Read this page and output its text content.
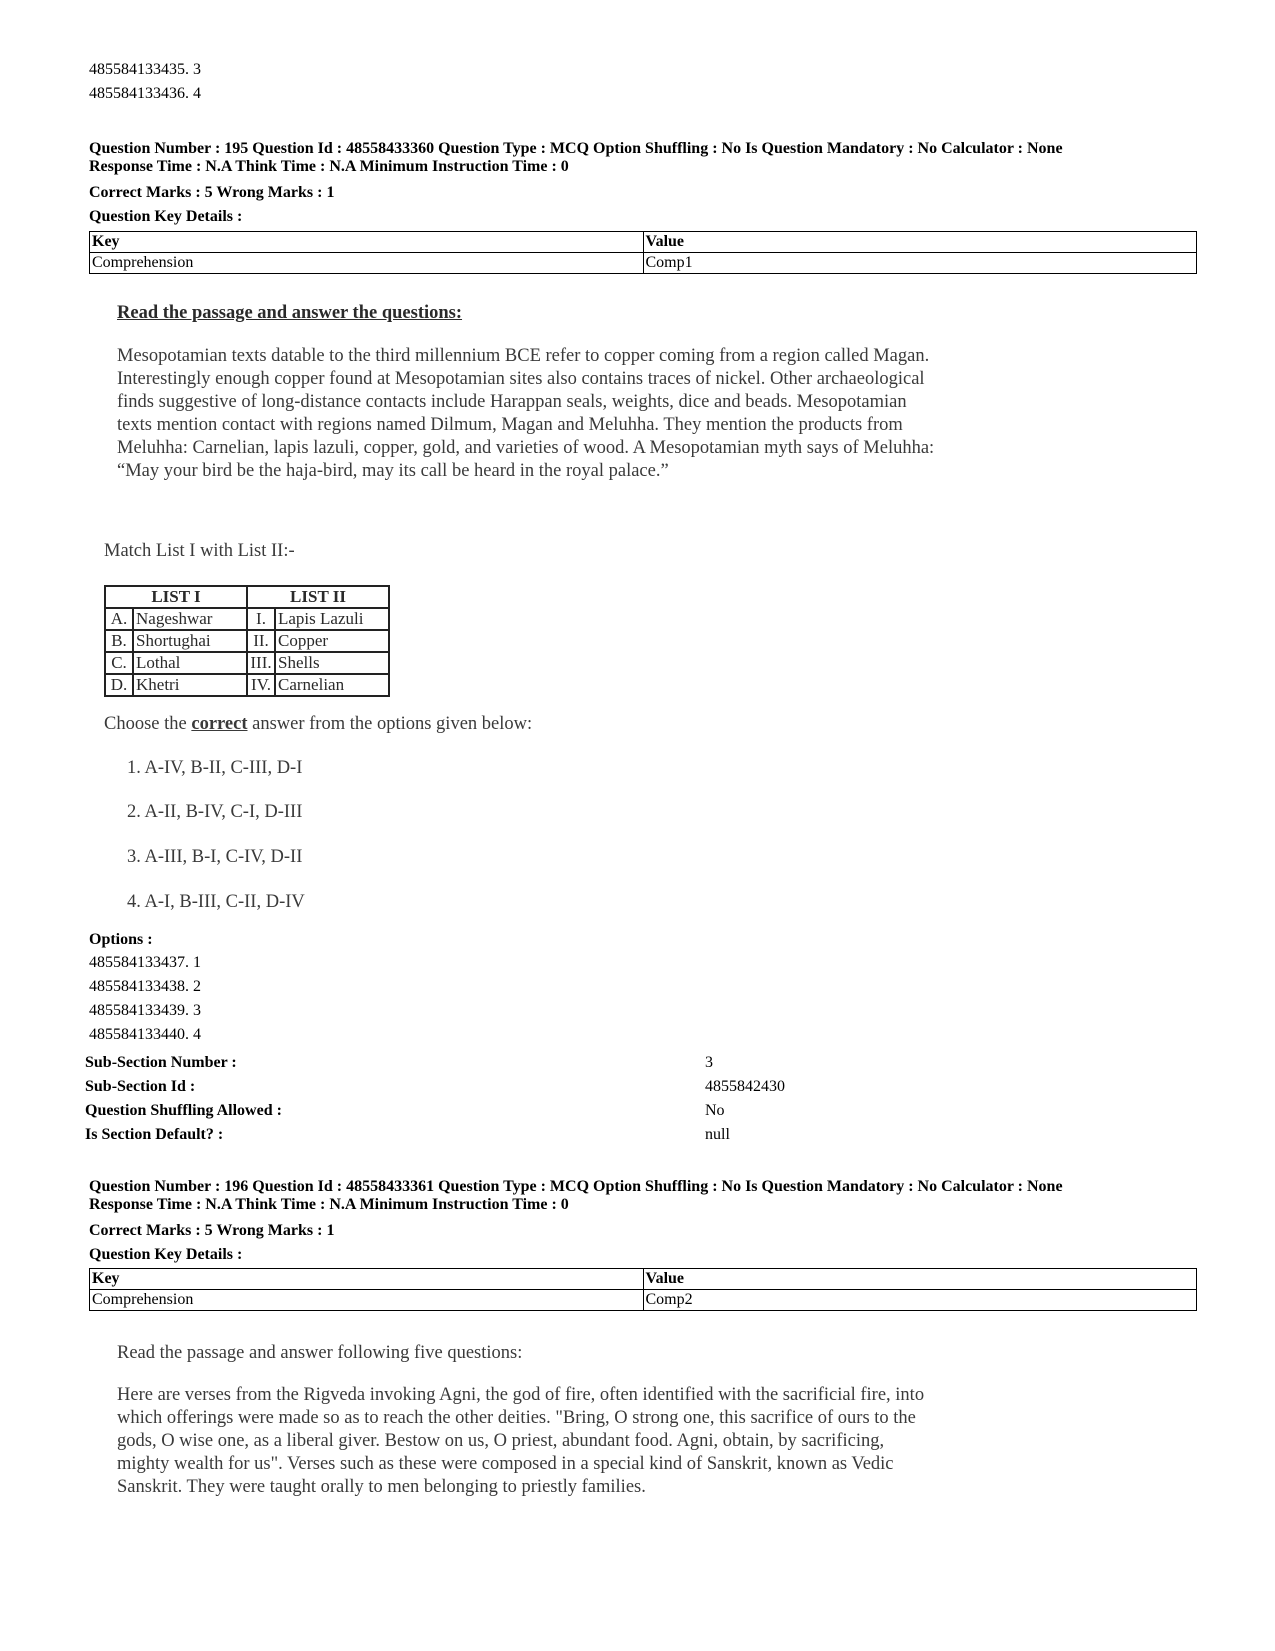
485584133435. 3
485584133436. 4
Question Number : 195 Question Id : 48558433360 Question Type : MCQ Option Shuffling : No Is Question Mandatory : No Calculator : None
Response Time : N.A Think Time : N.A Minimum Instruction Time : 0
Correct Marks : 5 Wrong Marks : 1
Question Key Details :
Key	Value
Comprehension	Comp1
Read the passage and answer the questions:
Mesopotamian texts datable to the third millennium BCE refer to copper coming from a region called Magan.
Interestingly enough copper found at Mesopotamian sites also contains traces of nickel. Other archaeological
finds suggestive of long-distance contacts include Harappan seals, weights, dice and beads. Mesopotamian
texts mention contact with regions named Dilmum, Magan and Meluhha. They mention the products from
Meluhha: Carnelian, lapis lazuli, copper, gold, and varieties of wood. A Mesopotamian myth says of Meluhha:
“May your bird be the haja-bird, may its call be heard in the royal palace.”
Match List I with List II:-
LIST I		LIST II	
A.	Nageshwar	I.	Lapis Lazuli
B.	Shortughai	II.	Copper
C.	Lothal	III.	Shells
D.	Khetri	IV.	Carnelian
Choose the correct answer from the options given below:
1. A-IV, B-II, C-III, D-I
2. A-II, B-IV, C-I, D-III
3. A-III, B-I, C-IV, D-II
4. A-I, B-III, C-II, D-IV
Options :
485584133437. 1
485584133438. 2
485584133439. 3
485584133440. 4
Sub-Section Number :	3
Sub-Section Id :	4855842430
Question Shuffling Allowed :	No
Is Section Default? :	null
Question Number : 196 Question Id : 48558433361 Question Type : MCQ Option Shuffling : No Is Question Mandatory : No Calculator : None
Response Time : N.A Think Time : N.A Minimum Instruction Time : 0
Correct Marks : 5 Wrong Marks : 1
Question Key Details :
Key	Value
Comprehension	Comp2
Read the passage and answer following five questions:
Here are verses from the Rigveda invoking Agni, the god of fire, often identified with the sacrificial fire, into
which offerings were made so as to reach the other deities. "Bring, O strong one, this sacrifice of ours to the
gods, O wise one, as a liberal giver. Bestow on us, O priest, abundant food. Agni, obtain, by sacrificing,
mighty wealth for us". Verses such as these were composed in a special kind of Sanskrit, known as Vedic
Sanskrit. They were taught orally to men belonging to priestly families.
